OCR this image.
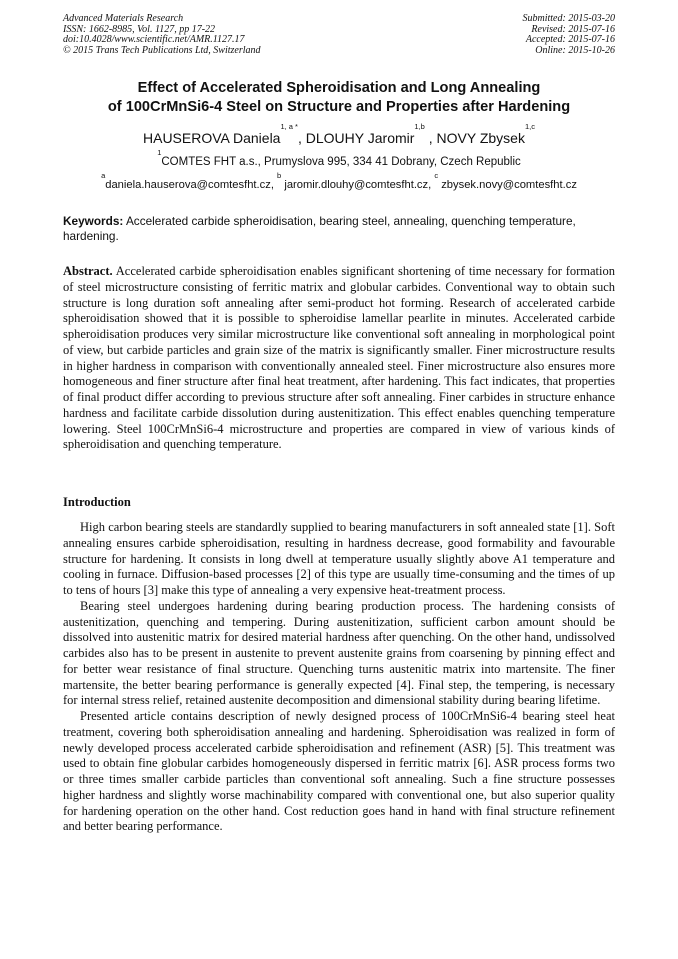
Advanced Materials Research
ISSN: 1662-8985, Vol. 1127, pp 17-22
doi:10.4028/www.scientific.net/AMR.1127.17
© 2015 Trans Tech Publications Ltd, Switzerland
Submitted: 2015-03-20
Revised: 2015-07-16
Accepted: 2015-07-16
Online: 2015-10-26
Effect of Accelerated Spheroidisation and Long Annealing
of 100CrMnSi6-4 Steel on Structure and Properties after Hardening
HAUSEROVA Daniela$^{1, a *}$, DLOUHY Jaromir$^{1,b}$ , NOVY Zbysek$^{1,c}$
$^1$COMTES FHT a.s., Prumyslova 995, 334 41 Dobrany, Czech Republic
$^a$daniela.hauserova@comtesfht.cz, $^b$ jaromir.dlouhy@comtesfht.cz, $^c$ zbysek.novy@comtesfht.cz
Keywords: Accelerated carbide spheroidisation, bearing steel, annealing, quenching temperature, hardening.

Abstract. Accelerated carbide spheroidisation enables significant shortening of time necessary for formation of steel microstructure consisting of ferritic matrix and globular carbides. Conventional way to obtain such structure is long duration soft annealing after semi-product hot forming. Research of accelerated carbide spheroidisation showed that it is possible to spheroidise lamellar pearlite in minutes. Accelerated carbide spheroidisation produces very similar microstructure like conventional soft annealing in morphological point of view, but carbide particles and grain size of the matrix is significantly smaller. Finer microstructure results in higher hardness in comparison with conventionally annealed steel. Finer microstructure also ensures more homogeneous and finer structure after final heat treatment, after hardening. This fact indicates, that properties of final product differ according to previous structure after soft annealing. Finer carbides in structure enhance hardness and facilitate carbide dissolution during austenitization. This effect enables quenching temperature lowering. Steel 100CrMnSi6-4 microstructure and properties are compared in view of various kinds of spheroidisation and quenching temperature.

Introduction

High carbon bearing steels are standardly supplied to bearing manufacturers in soft annealed state [1]. Soft annealing ensures carbide spheroidisation, resulting in hardness decrease, good formability and favourable structure for hardening. It consists in long dwell at temperature usually slightly above A1 temperature and cooling in furnace. Diffusion-based processes [2] of this type are usually time-consuming and the times of up to tens of hours [3] make this type of annealing a very expensive heat-treatment process.

Bearing steel undergoes hardening during bearing production process. The hardening consists of austenitization, quenching and tempering. During austenitization, sufficient carbon amount should be dissolved into austenitic matrix for desired material hardness after quenching. On the other hand, undissolved carbides also has to be present in austenite to prevent austenite grains from coarsening by pinning effect and for better wear resistance of final structure. Quenching turns austenitic matrix into martensite. The finer martensite, the better bearing performance is generally expected [4]. Final step, the tempering, is necessary for internal stress relief, retained austenite decomposition and dimensional stability during bearing lifetime.

Presented article contains description of newly designed process of 100CrMnSi6-4 bearing steel heat treatment, covering both spheroidisation annealing and hardening. Spheroidisation was realized in form of newly developed process accelerated carbide spheroidisation and refinement (ASR) [5]. This treatment was used to obtain fine globular carbides homogeneously dispersed in ferritic matrix [6]. ASR process forms two or three times smaller carbide particles than conventional soft annealing. Such a fine structure possesses higher hardness and slightly worse machinability compared with conventional one, but also superior quality for hardening operation on the other hand. Cost reduction goes hand in hand with final structure refinement and better bearing performance.
